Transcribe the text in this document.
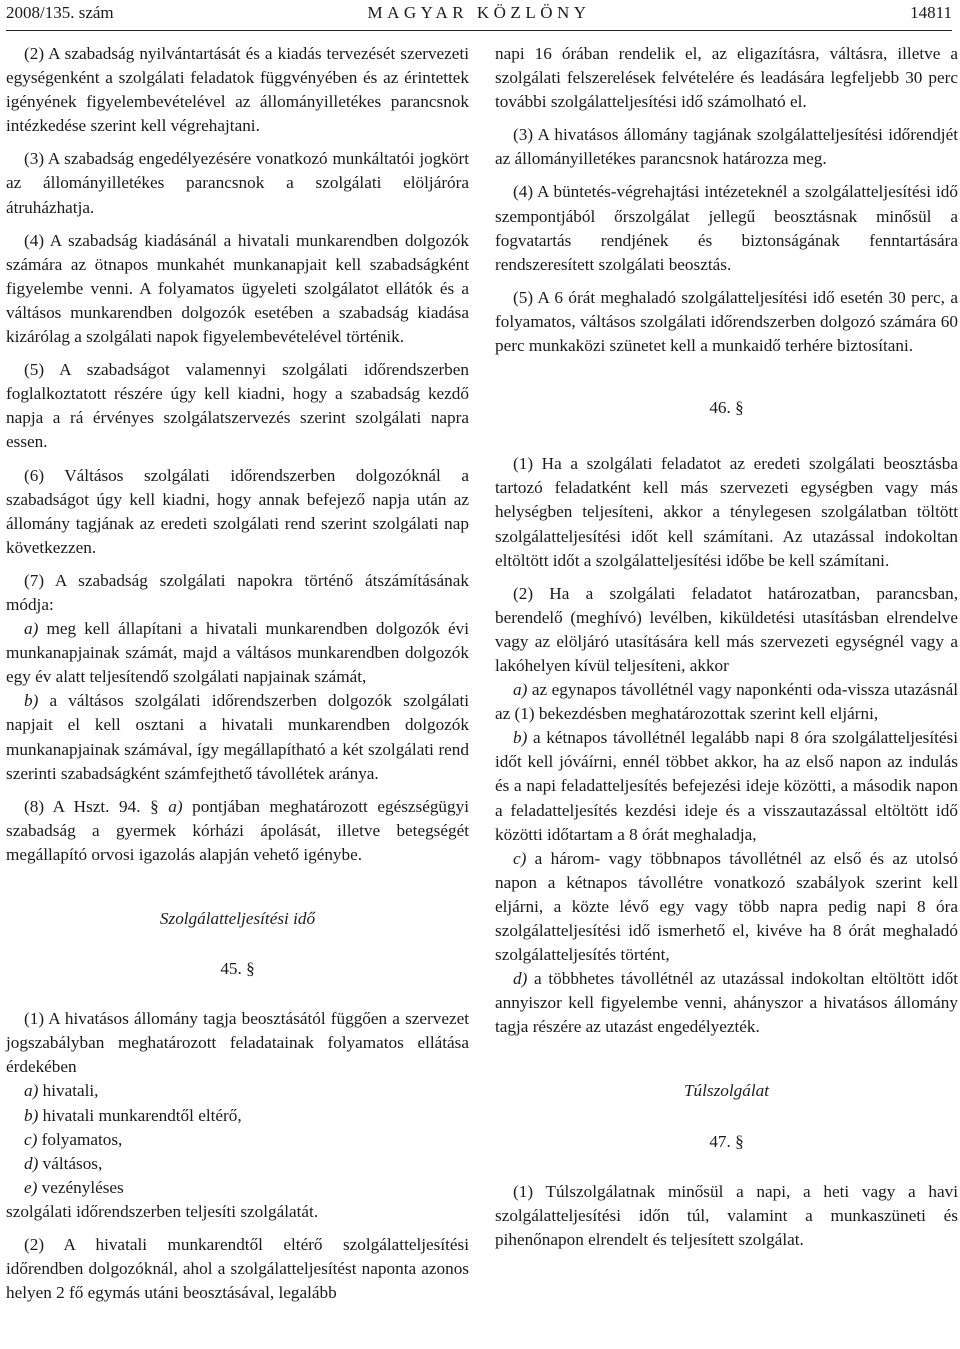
2008/135. szám	MAGYAR KÖZLÖNY	14811

(2) A szabadság nyilvántartását és a kiadás tervezését szervezeti egységenként a szolgálati feladatok függvényében és az érintettek igényének figyelembevételével az állományilletékes parancsnok intézkedése szerint kell végrehajtani.

(3) A szabadság engedélyezésére vonatkozó munkáltatói jogkört az állományilletékes parancsnok a szolgálati elöljáróra átruházhatja.

(4) A szabadság kiadásánál a hivatali munkarendben dolgozók számára az ötnapos munkahét munkanapjait kell szabadságként figyelembe venni. A folyamatos ügyeleti szolgálatot ellátók és a váltásos munkarendben dolgozók esetében a szabadság kiadása kizárólag a szolgálati napok figyelembevételével történik.

(5) A szabadságot valamennyi szolgálati időrendszerben foglalkoztatott részére úgy kell kiadni, hogy a szabadság kezdő napja a rá érvényes szolgálatszervezés szerint szolgálati napra essen.

(6) Váltásos szolgálati időrendszerben dolgozóknál a szabadságot úgy kell kiadni, hogy annak befejező napja után az állomány tagjának az eredeti szolgálati rend szerint szolgálati nap következzen.

(7) A szabadság szolgálati napokra történő átszámításának módja:

a) meg kell állapítani a hivatali munkarendben dolgozók évi munkanapjainak számát, majd a váltásos munkarendben dolgozók egy év alatt teljesítendő szolgálati napjainak számát,

b) a váltásos szolgálati időrendszerben dolgozók szolgálati napjait el kell osztani a hivatali munkarendben dolgozók munkanapjainak számával, így megállapítható a két szolgálati rend szerinti szabadságként számfejthető távollétek aránya.

(8) A Hszt. 94. § a) pontjában meghatározott egészségügyi szabadság a gyermek kórházi ápolását, illetve betegségét megállapító orvosi igazolás alapján vehető igénybe.

Szolgálatteljesítési idő
45. §

(1) A hivatásos állomány tagja beosztásától függően a szervezet jogszabályban meghatározott feladatainak folyamatos ellátása érdekében

a) hivatali,

b) hivatali munkarendtől eltérő,

c) folyamatos,

d) váltásos,

e) vezényléses

szolgálati időrendszerben teljesíti szolgálatát.

(2) A hivatali munkarendtől eltérő szolgálatteljesítési időrendben dolgozóknál, ahol a szolgálatteljesítést naponta azonos helyen 2 fő egymás utáni beosztásával, legalább

napi 16 órában rendelik el, az eligazításra, váltásra, illetve a szolgálati felszerelések felvételére és leadására legfeljebb 30 perc további szolgálatteljesítési idő számolható el.

(3) A hivatásos állomány tagjának szolgálatteljesítési időrendjét az állományilletékes parancsnok határozza meg.

(4) A büntetés-végrehajtási intézeteknél a szolgálatteljesítési idő szempontjából őrszolgálat jellegű beosztásnak minősül a fogvatartás rendjének és biztonságának fenntartására rendszeresített szolgálati beosztás.

(5) A 6 órát meghaladó szolgálatteljesítési idő esetén 30 perc, a folyamatos, váltásos szolgálati időrendszerben dolgozó számára 60 perc munkaközi szünetet kell a munkaidő terhére biztosítani.

46. §

(1) Ha a szolgálati feladatot az eredeti szolgálati beosztásba tartozó feladatként kell más szervezeti egységben vagy más helységben teljesíteni, akkor a ténylegesen szolgálatban töltött szolgálatteljesítési időt kell számítani. Az utazással indokoltan eltöltött időt a szolgálatteljesítési időbe be kell számítani.

(2) Ha a szolgálati feladatot határozatban, parancsban, berendelő (meghívó) levélben, kiküldetési utasításban elrendelve vagy az elöljáró utasítására kell más szervezeti egységnél vagy a lakóhelyen kívül teljesíteni, akkor

a) az egynapos távollétnél vagy naponkénti oda-vissza utazásnál az (1) bekezdésben meghatározottak szerint kell eljárni,

b) a kétnapos távollétnél legalább napi 8 óra szolgálatteljesítési időt kell jóváírni, ennél többet akkor, ha az első napon az indulás és a napi feladatteljesítés befejezési ideje közötti, a második napon a feladatteljesítés kezdési ideje és a visszautazással eltöltött idő közötti időtartam a 8 órát meghaladja,

c) a három- vagy többnapos távollétnél az első és az utolsó napon a kétnapos távollétre vonatkozó szabályok szerint kell eljárni, a közte lévő egy vagy több napra pedig napi 8 óra szolgálatteljesítési idő ismerhető el, kivéve ha 8 órát meghaladó szolgálatteljesítés történt,

d) a többhetes távollétnél az utazással indokoltan eltöltött időt annyiszor kell figyelembe venni, ahányszor a hivatásos állomány tagja részére az utazást engedélyezték.

Túlszolgálat
47. §

(1) Túlszolgálatnak minősül a napi, a heti vagy a havi szolgálatteljesítési időn túl, valamint a munkaszüneti és pihenőnapon elrendelt és teljesített szolgálat.
